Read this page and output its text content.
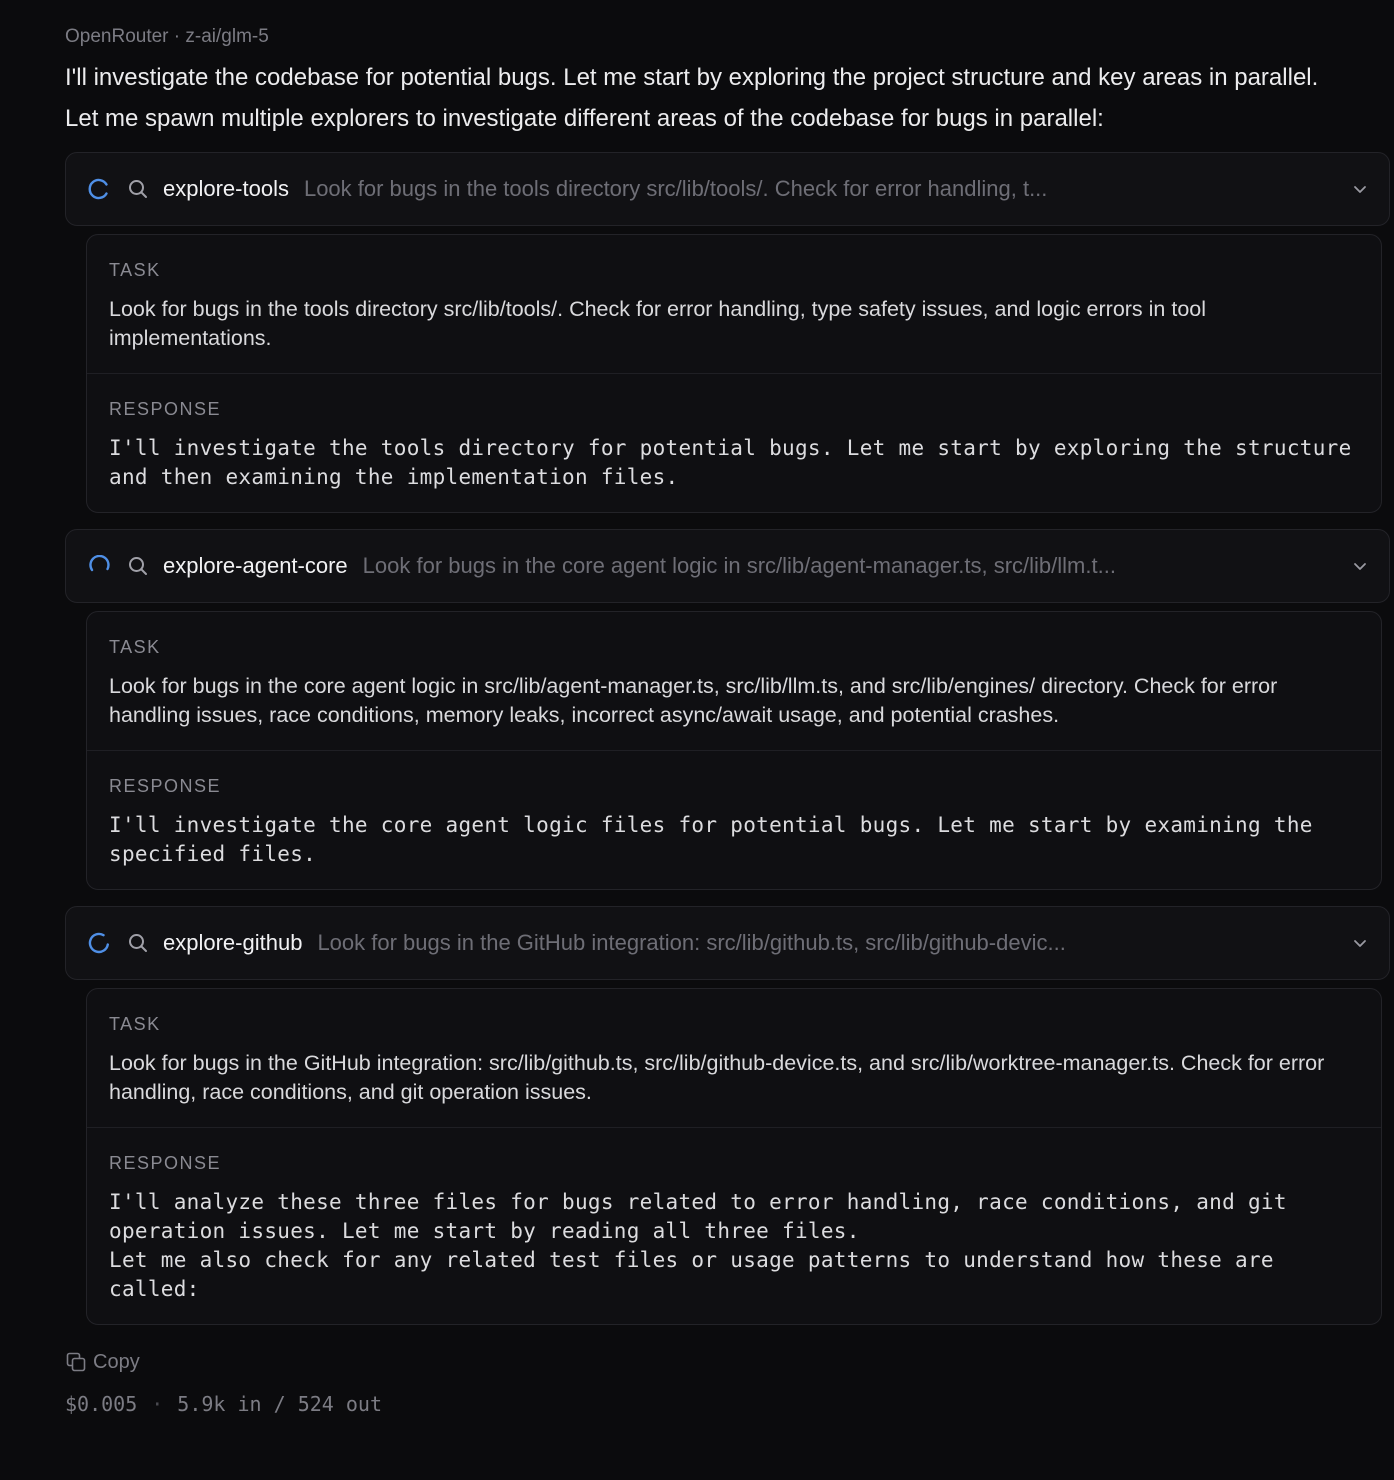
OpenRouter · z-ai/glm-5

I'll investigate the codebase for potential bugs. Let me start by exploring the project structure and key areas in parallel.

Let me spawn multiple explorers to investigate different areas of the codebase for bugs in parallel:

explore-tools Look for bugs in the tools directory src/lib/tools/. Check for error handling, t...
TASK
Look for bugs in the tools directory src/lib/tools/. Check for error handling, type safety issues, and logic errors in tool implementations.
RESPONSE
I'll investigate the tools directory for potential bugs. Let me start by exploring the structure
and then examining the implementation files.
explore-agent-core Look for bugs in the core agent logic in src/lib/agent-manager.ts, src/lib/llm.t...
TASK
Look for bugs in the core agent logic in src/lib/agent-manager.ts, src/lib/llm.ts, and src/lib/engines/ directory. Check for error handling issues, race conditions, memory leaks, incorrect async/await usage, and potential crashes.
RESPONSE
I'll investigate the core agent logic files for potential bugs. Let me start by examining the
specified files.
explore-github Look for bugs in the GitHub integration: src/lib/github.ts, src/lib/github-devic...
TASK
Look for bugs in the GitHub integration: src/lib/github.ts, src/lib/github-device.ts, and src/lib/worktree-manager.ts. Check for error handling, race conditions, and git operation issues.
RESPONSE
I'll analyze these three files for bugs related to error handling, race conditions, and git
operation issues. Let me start by reading all three files.
Let me also check for any related test files or usage patterns to understand how these are
called:
Copy
$0.005 · 5.9k in / 524 out
